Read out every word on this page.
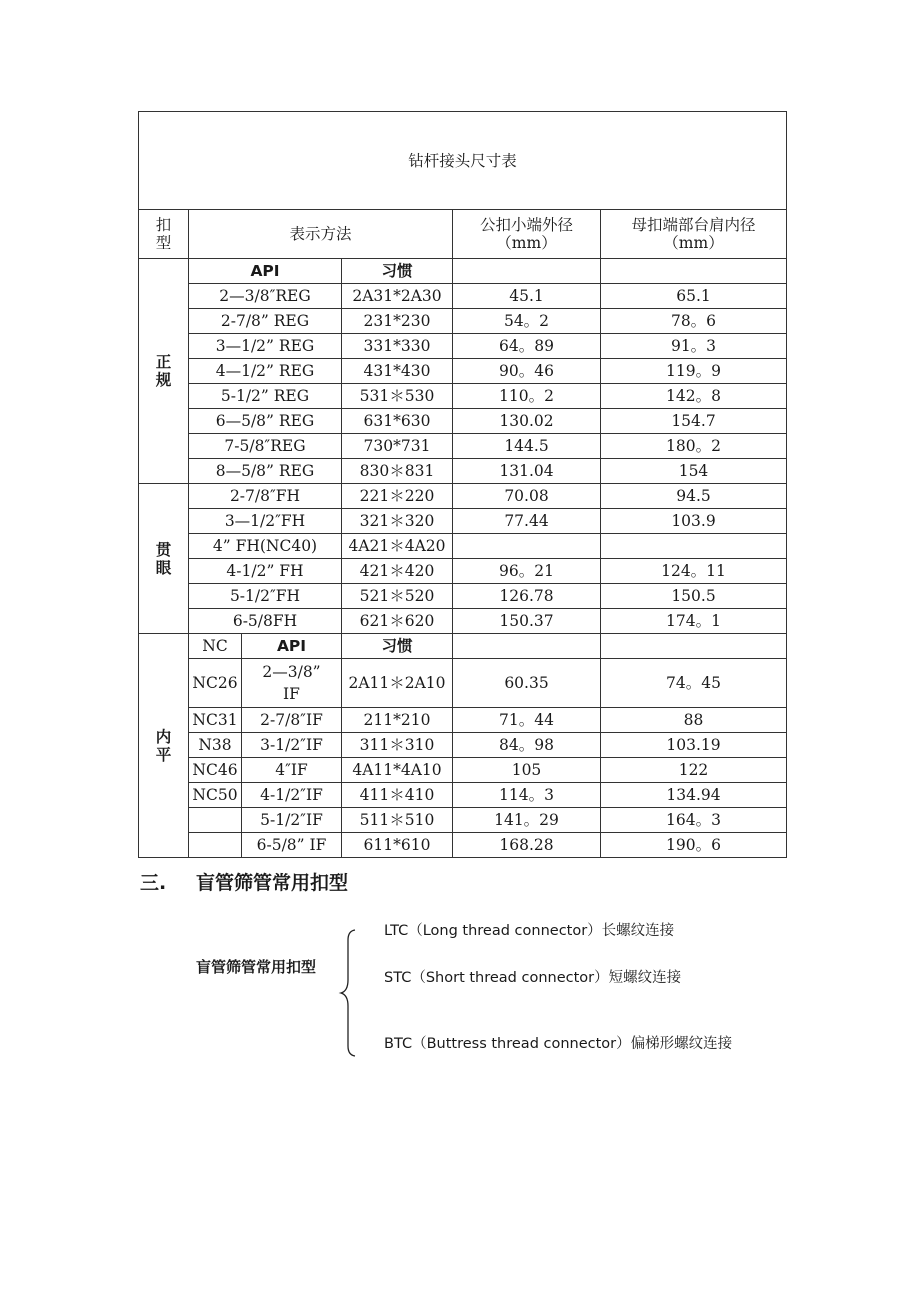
钻杆接头尺寸表					
扣型	表示方法			公扣小端外径（mm）	母扣端部台肩内径（mm）
正规	API		习惯		
	2—3/8″REG		2A31*2A30	45.1	65.1
	2-7/8” REG		231*230	54。2	78。6
	3—1/2” REG		331*330	64。89	91。3
	4—1/2” REG		431*430	90。46	119。9
	5-1/2” REG		531＊530	110。2	142。8
	6—5/8” REG		631*630	130.02	154.7
	7-5/8″REG		730*731	144.5	180。2
	8—5/8” REG		830＊831	131.04	154
贯眼	2-7/8″FH		221＊220	70.08	94.5
	3—1/2″FH		321＊320	77.44	103.9
	4” FH(NC40)		4A21＊4A20		
	4-1/2” FH		421＊420	96。21	124。11
	5-1/2″FH		521＊520	126.78	150.5
	6-5/8FH		621＊620	150.37	174。1
内平	NC	API	习惯		
	NC26	2—3/8” IF	2A11＊2A10	60.35	74。45
	NC31	2-7/8″IF	211*210	71。44	88
	N38	3-1/2″IF	311＊310	84。98	103.19
	NC46	4″IF	4A11*4A10	105	122
	NC50	4-1/2″IF	411＊410	114。3	134.94
		5-1/2″IF	511＊510	141。29	164。3
		6-5/8” IF	611*610	168.28	190。6
三. 盲管筛管常用扣型
盲管筛管常用扣型
LTC（Long thread connector）长螺纹连接
STC（Short thread connector）短螺纹连接
BTC（Buttress thread connector）偏梯形螺纹连接
